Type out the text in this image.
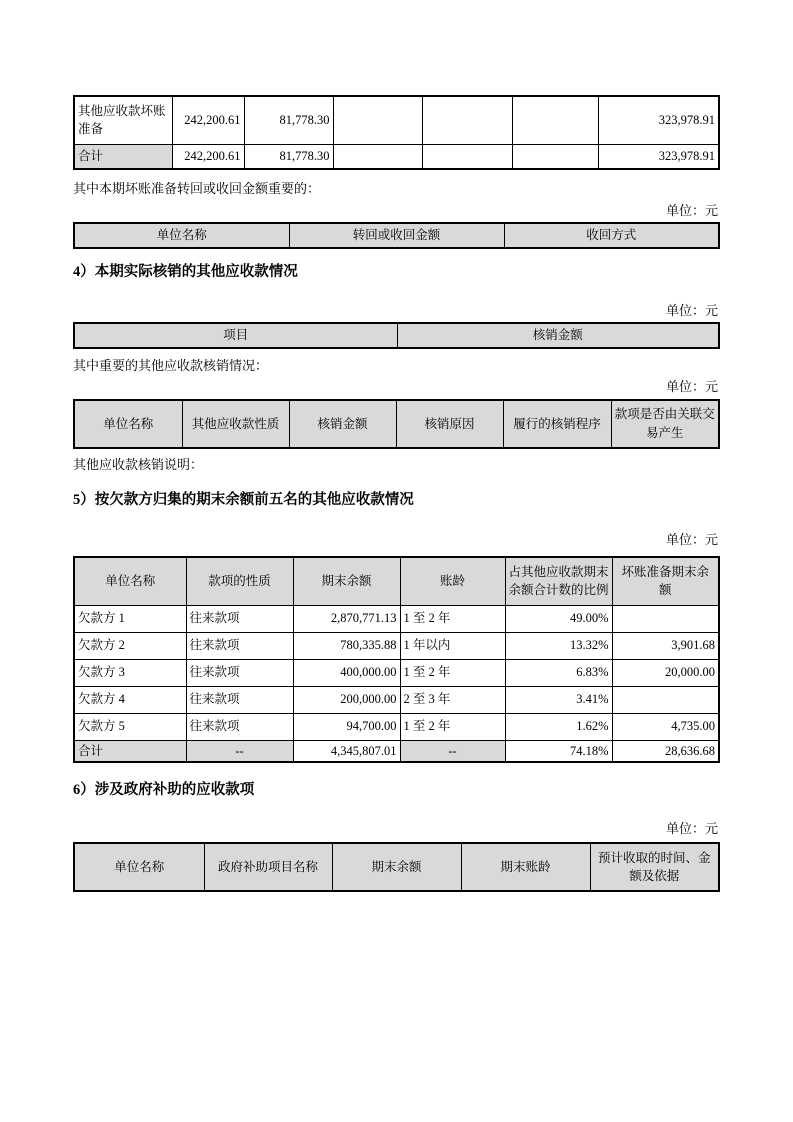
其他应收款坏账准备	242,200.61	81,778.30				323,978.91
合计	242,200.61	81,778.30				323,978.91

其中本期坏账准备转回或收回金额重要的：

单位：元
单位名称	转回或收回金额	收回方式
4）本期实际核销的其他应收款情况
单位：元
项目	核销金额

其中重要的其他应收款核销情况：

单位：元
单位名称	其他应收款性质	核销金额	核销原因	履行的核销程序	款项是否由关联交易产生

其他应收款核销说明：

5）按欠款方归集的期末余额前五名的其他应收款情况
单位：元
单位名称	款项的性质	期末余额	账龄	占其他应收款期末余额合计数的比例	坏账准备期末余额
欠款方 1	往来款项	2,870,771.13	1 至 2 年	49.00%	
欠款方 2	往来款项	780,335.88	1 年以内	13.32%	3,901.68
欠款方 3	往来款项	400,000.00	1 至 2 年	6.83%	20,000.00
欠款方 4	往来款项	200,000.00	2 至 3 年	3.41%	
欠款方 5	往来款项	94,700.00	1 至 2 年	1.62%	4,735.00
合计	--	4,345,807.01	--	74.18%	28,636.68
6）涉及政府补助的应收款项
单位：元
单位名称	政府补助项目名称	期末余额	期末账龄	预计收取的时间、金额及依据
